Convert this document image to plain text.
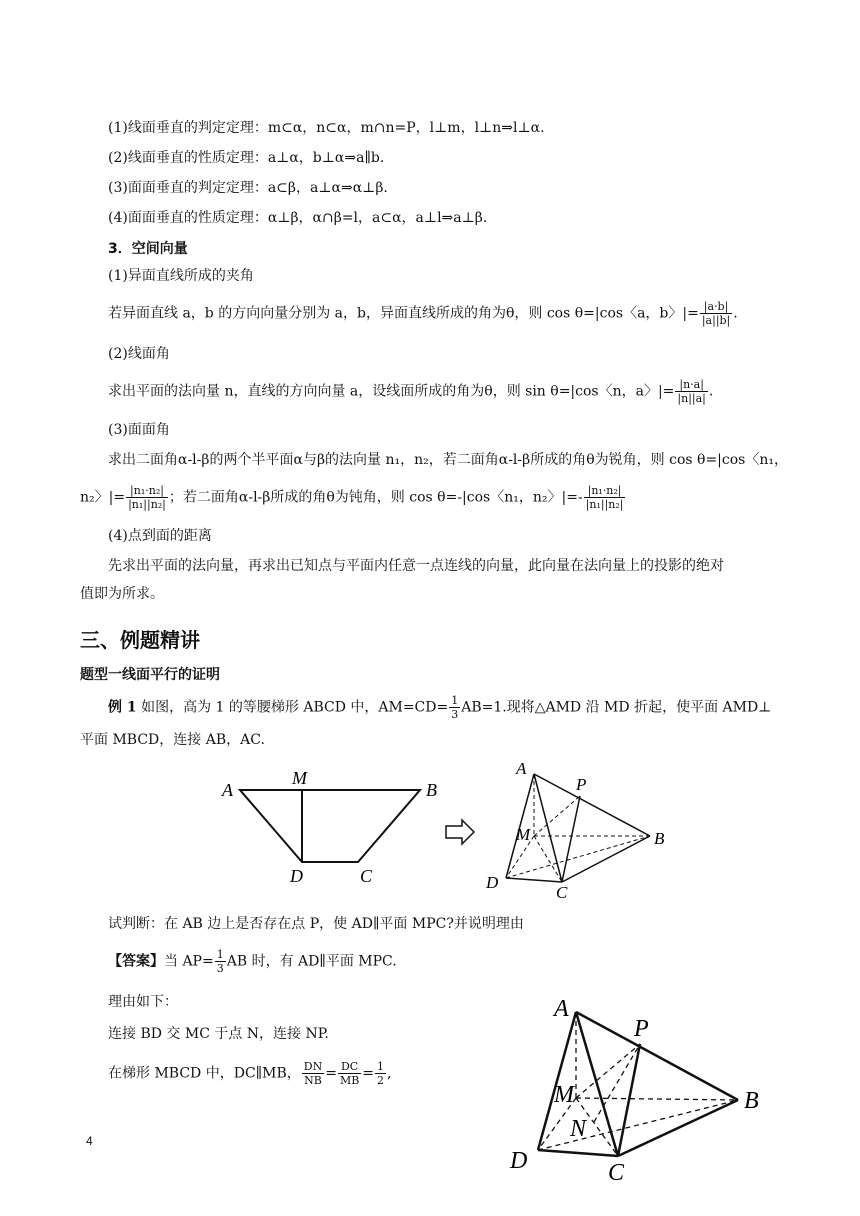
(1)线面垂直的判定定理：m⊂α，n⊂α，m∩n=P，l⊥m，l⊥n⇒l⊥α.
(2)线面垂直的性质定理：a⊥α，b⊥α⇒a∥b.
(3)面面垂直的判定定理：a⊂β，a⊥α⇒α⊥β.
(4)面面垂直的性质定理：α⊥β，α∩β=l，a⊂α，a⊥l⇒a⊥β.
3．空间向量
(1)异面直线所成的夹角
若异面直线 a，b 的方向向量分别为 a，b，异面直线所成的角为θ，则 cos θ=|cos〈a，b〉|= $\frac{|a\cdot b|}{|a||b|}$ .
(2)线面角
求出平面的法向量 n，直线的方向向量 a，设线面所成的角为θ，则 sin θ=|cos〈n，a〉|= $\frac{|n\cdot a|}{|n||a|}$ .
(3)面面角
求出二面角α-l-β的两个半平面α与β的法向量 n₁，n₂，若二面角α-l-β所成的角θ为锐角，则 cos θ=|cos〈n₁，
n₂〉|= $\frac{\text{|n₁·n₂|}}{\text{|n₁||n₂|}}$ ；若二面角α-l-β所成的角θ为钝角，则 cos θ=-|cos〈n₁，n₂〉|=- $\frac{\text{|n₁·n₂|}}{\text{|n₁||n₂|}}$
(4)点到面的距离
先求出平面的法向量，再求出已知点与平面内任意一点连线的向量，此向量在法向量上的投影的绝对
值即为所求。
三、例题精讲
题型一线面平行的证明
例 1 如图，高为 1 的等腰梯形 ABCD 中，$AM=CD= \frac{1}{3} AB=1$.现将△AMD 沿 MD 折起，使平面 AMD⊥
平面 MBCD，连接 AB，AC.
A
M
B
D	C
A
P
M	B
D
C
试判断：在 AB 边上是否存在点 P，使 AD∥平面 MPC?并说明理由
【答案】当 $AP= \frac{1}{3}$ AB 时，有 AD∥平面 MPC.
理由如下：
连接 BD 交 MC 于点 N，连接 NP.
在梯形 MBCD 中，DC∥MB， $\frac{DN}{NB} = \frac{DC}{MB} = \frac{1}{2}$ ,
A
P
M
N
B
D	C
4
